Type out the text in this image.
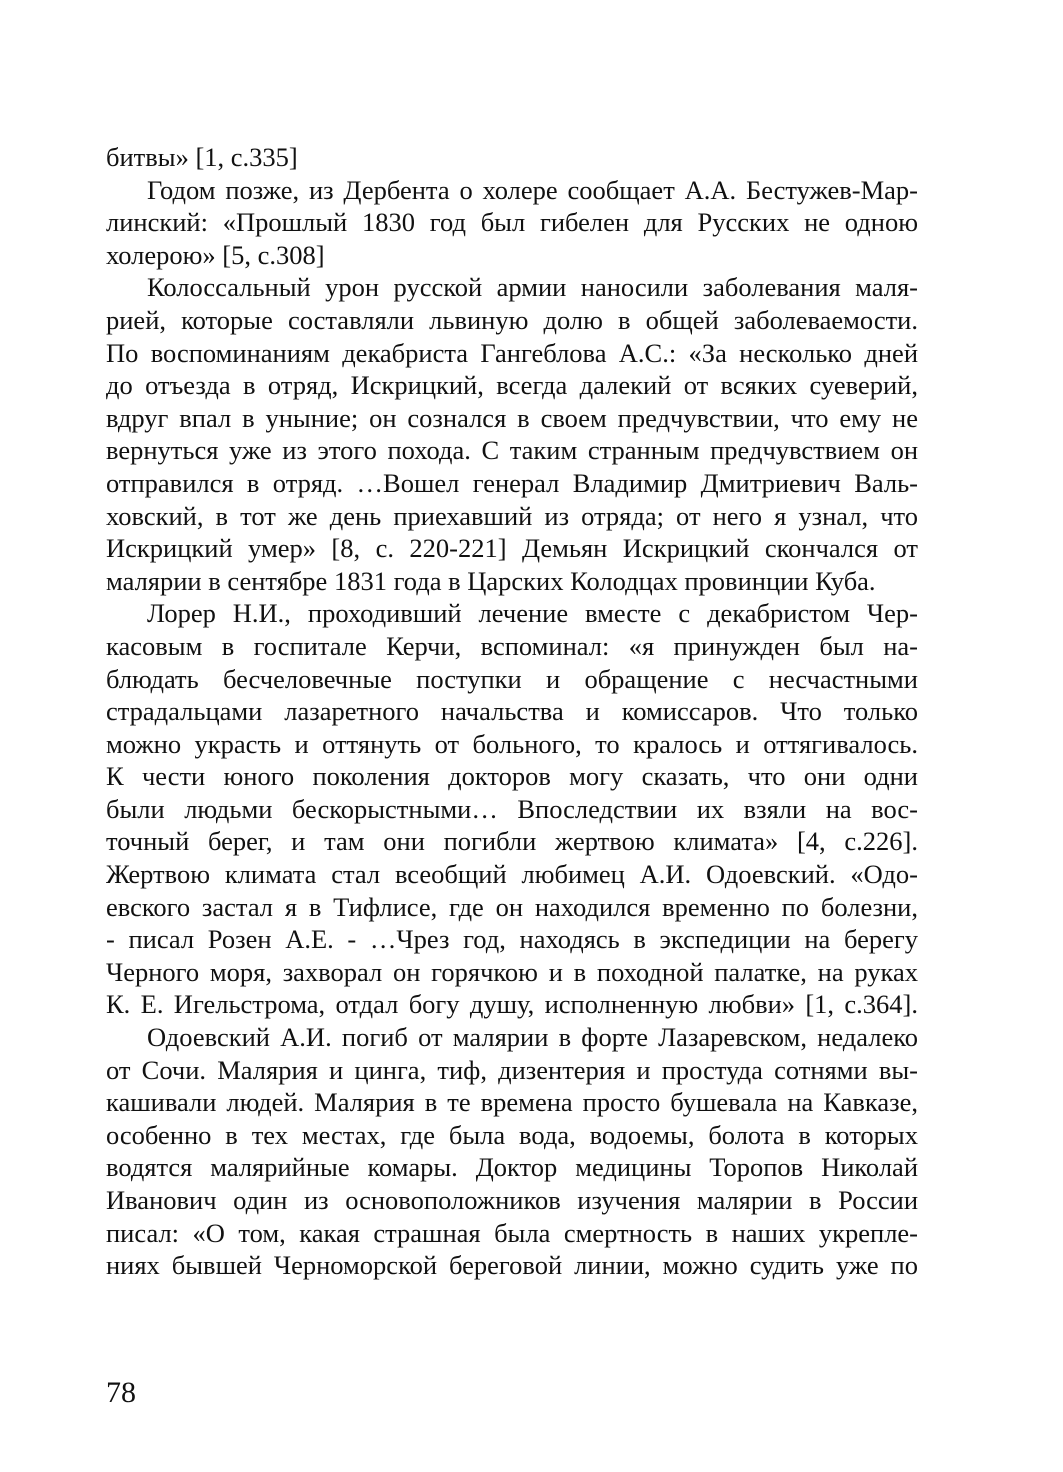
битвы» [1, с.335]
Годом позже, из Дербента о холере сообщает А.А. Бестужев-Мар-
линский: «Прошлый 1830 год был гибелен для Русских не одною
холерою» [5, с.308]
Колоссальный урон русской армии наносили заболевания маля-
рией, которые составляли львиную долю в общей заболеваемости.
По воспоминаниям декабриста Гангеблова А.С.: «За несколько дней
до отъезда в отряд, Искрицкий, всегда далекий от всяких суеверий,
вдруг впал в уныние; он сознался в своем предчувствии, что ему не
вернуться уже из этого похода. С таким странным предчувствием он
отправился в отряд. …Вошел генерал Владимир Дмитриевич Валь-
ховский, в тот же день приехавший из отряда; от него я узнал, что
Искрицкий умер» [8, с. 220-221] Демьян Искрицкий скончался от
малярии в сентябре 1831 года в Царских Колодцах провинции Куба.
Лорер Н.И., проходивший лечение вместе с декабристом Чер-
касовым в госпитале Керчи, вспоминал: «я принужден был на-
блюдать бесчеловечные поступки и обращение с несчастными
страдальцами лазаретного начальства и комиссаров. Что только
можно украсть и оттянуть от больного, то кралось и оттягивалось.
К чести юного поколения докторов могу сказать, что они одни
были людьми бескорыстными… Впоследствии их взяли на вос-
точный берег, и там они погибли жертвою климата» [4, с.226].
Жертвою климата стал всеобщий любимец А.И. Одоевский. «Одо-
евского застал я в Тифлисе, где он находился временно по болезни,
- писал Розен А.Е. - …Чрез год, находясь в экспедиции на берегу
Черного моря, захворал он горячкою и в походной палатке, на руках
К. Е. Игельстрома, отдал богу душу, исполненную любви» [1, с.364].
Одоевский А.И. погиб от малярии в форте Лазаревском, недалеко
от Сочи. Малярия и цинга, тиф, дизентерия и простуда сотнями вы-
кашивали людей. Малярия в те времена просто бушевала на Кавказе,
особенно в тех местах, где была вода, водоемы, болота в которых
водятся малярийные комары. Доктор медицины Торопов Николай
Иванович один из основоположников изучения малярии в России
писал: «О том, какая страшная была смертность в наших укрепле-
ниях бывшей Черноморской береговой линии, можно судить уже по
78
